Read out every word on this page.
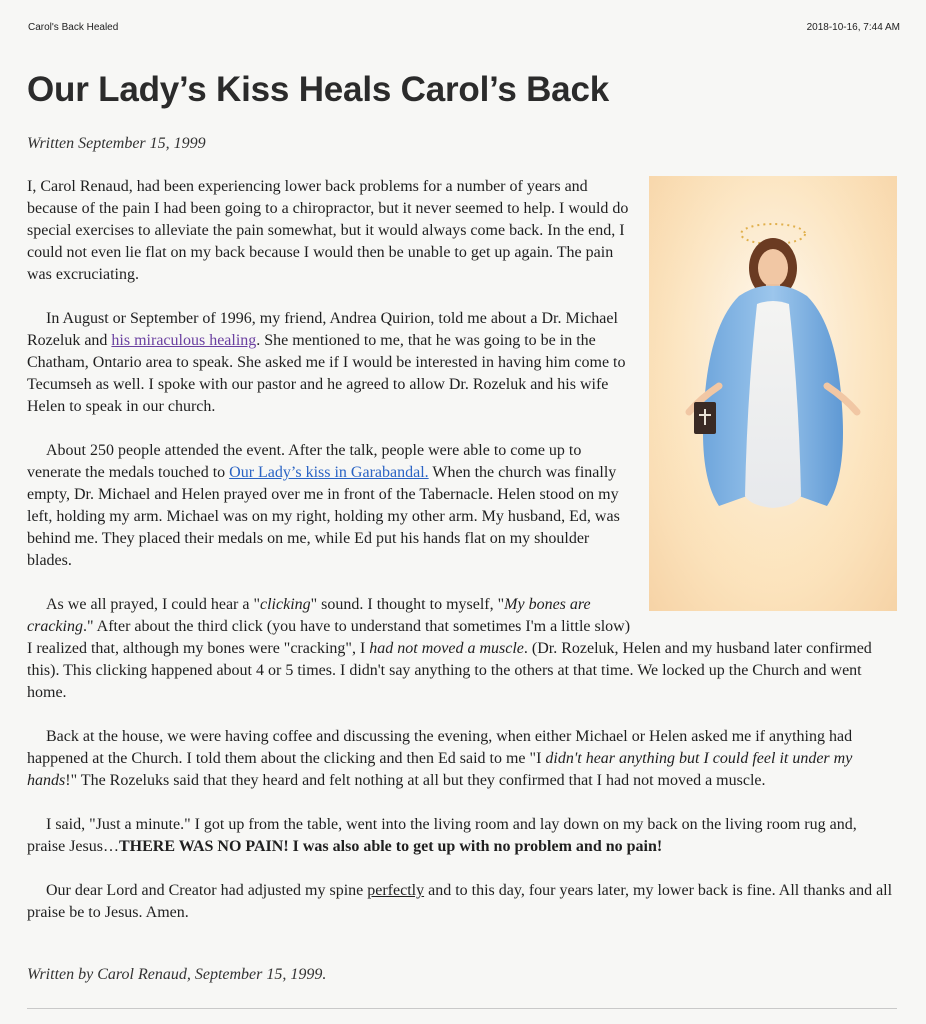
Carol's Back Healed	2018-10-16, 7:44 AM
Our Lady’s Kiss Heals Carol’s Back
Written September 15, 1999

I, Carol Renaud, had been experiencing lower back problems for a number of years and because of the pain I had been going to a chiropractor, but it never seemed to help. I would do special exercises to alleviate the pain somewhat, but it would always come back. In the end, I could not even lie flat on my back because I would then be unable to get up again. The pain was excruciating.

In August or September of 1996, my friend, Andrea Quirion, told me about a Dr. Michael Rozeluk and his miraculous healing. She mentioned to me, that he was going to be in the Chatham, Ontario area to speak. She asked me if I would be interested in having him come to Tecumseh as well. I spoke with our pastor and he agreed to allow Dr. Rozeluk and his wife Helen to speak in our church.

About 250 people attended the event. After the talk, people were able to come up to venerate the medals touched to Our Lady’s kiss in Garabandal. When the church was finally empty, Dr. Michael and Helen prayed over me in front of the Tabernacle. Helen stood on my left, holding my arm. Michael was on my right, holding my other arm. My husband, Ed, was behind me. They placed their medals on me, while Ed put his hands flat on my shoulder blades.

As we all prayed, I could hear a "clicking" sound. I thought to myself, "My bones are cracking." After about the third click (you have to understand that sometimes I'm a little slow) I realized that, although my bones were "cracking", I had not moved a muscle. (Dr. Rozeluk, Helen and my husband later confirmed this). This clicking happened about 4 or 5 times. I didn't say anything to the others at that time. We locked up the Church and went home.

Back at the house, we were having coffee and discussing the evening, when either Michael or Helen asked me if anything had happened at the Church. I told them about the clicking and then Ed said to me "I didn't hear anything but I could feel it under my hands!" The Rozeluks said that they heard and felt nothing at all but they confirmed that I had not moved a muscle.

I said, "Just a minute." I got up from the table, went into the living room and lay down on my back on the living room rug and, praise Jesus…THERE WAS NO PAIN! I was also able to get up with no problem and no pain!

Our dear Lord and Creator had adjusted my spine perfectly and to this day, four years later, my lower back is fine. All thanks and all praise be to Jesus. Amen.

Written by Carol Renaud, September 15, 1999.
